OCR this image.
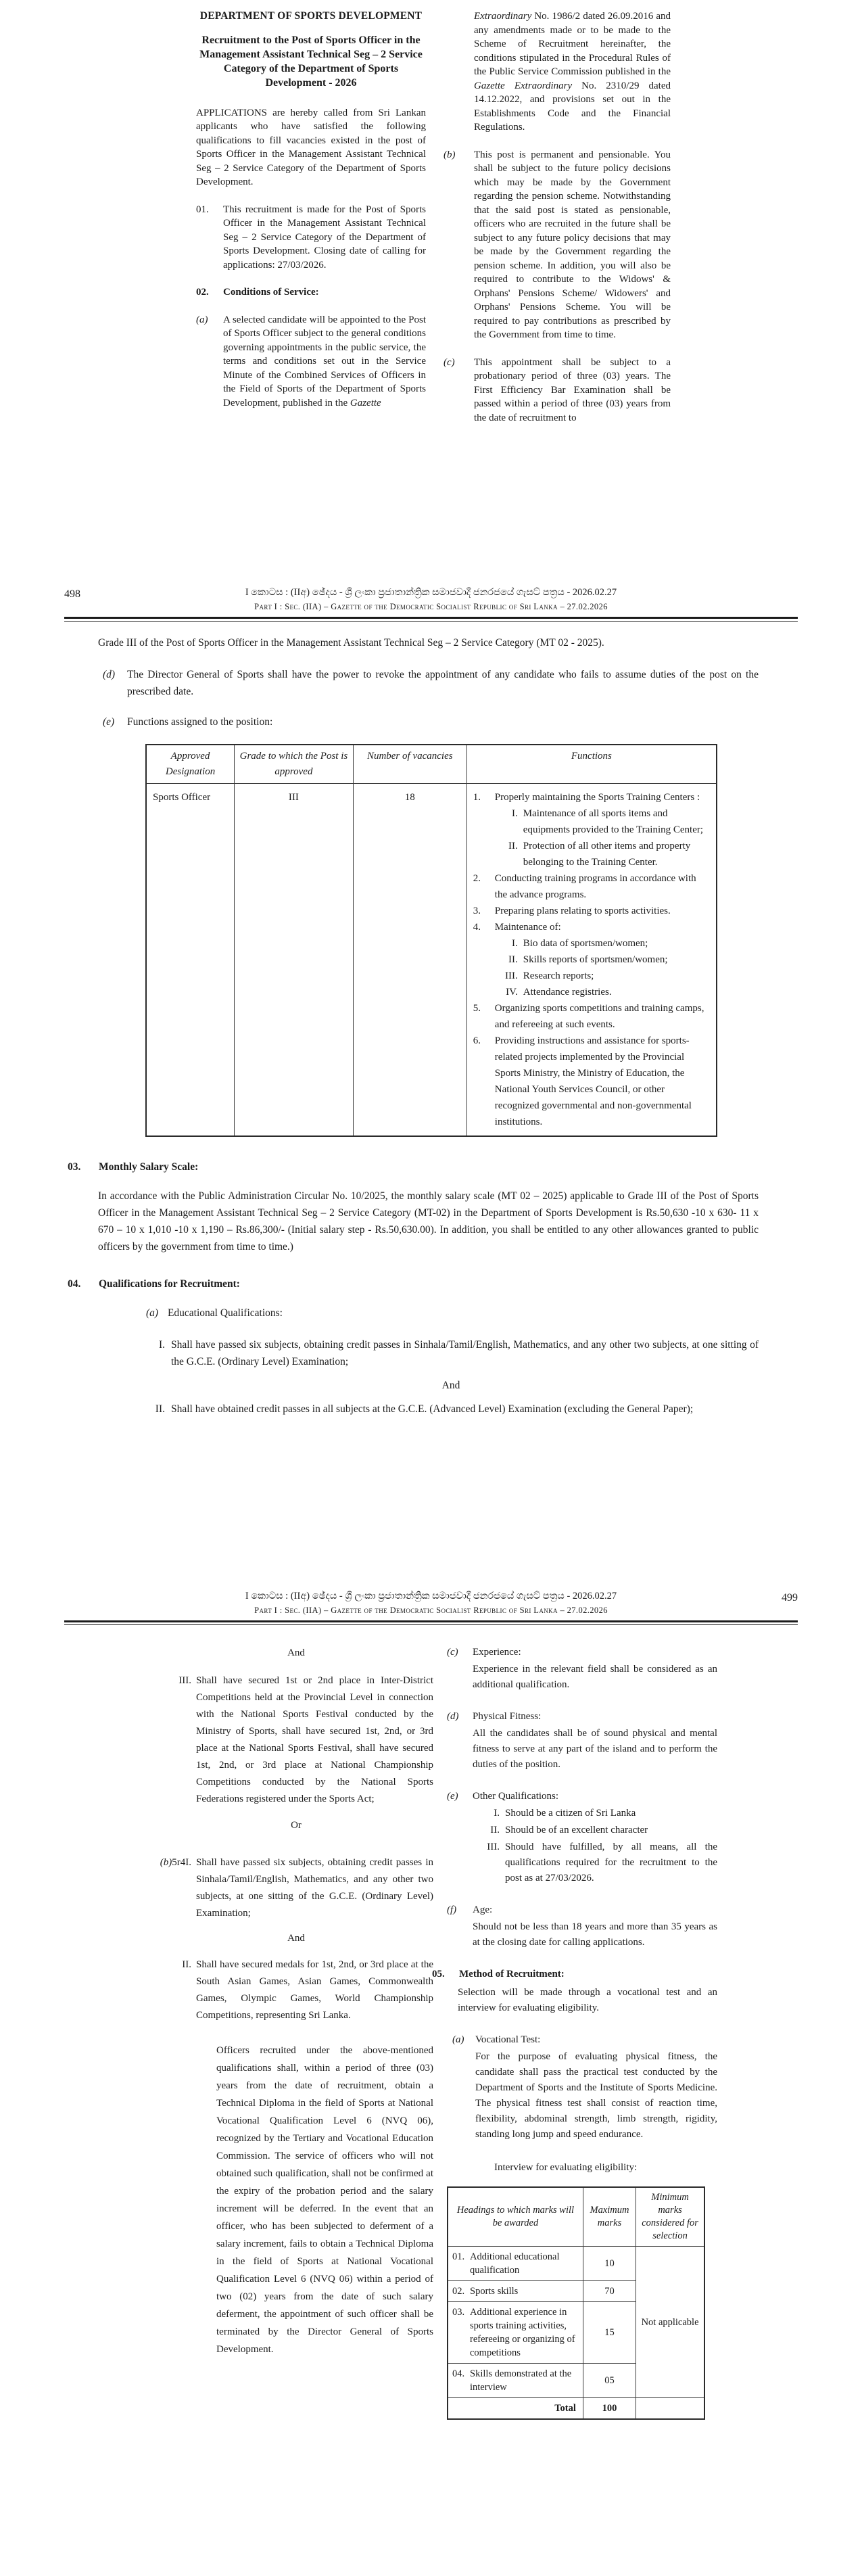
DEPARTMENT OF SPORTS DEVELOPMENT
Recruitment to the Post of Sports Officer in the Management Assistant Technical Seg – 2 Service Category of the Department of Sports Development - 2026

APPLICATIONS are hereby called from Sri Lankan applicants who have satisfied the following qualifications to fill vacancies existed in the post of Sports Officer in the Management Assistant Technical Seg – 2 Service Category of the Department of Sports Development.

01.	This recruitment is made for the Post of Sports Officer in the Management Assistant Technical Seg – 2 Service Category of the Department of Sports Development. Closing date of calling for applications: 27/03/2026.

02.	Conditions of Service:

(a)	A selected candidate will be appointed to the Post of Sports Officer subject to the general conditions governing appointments in the public service, the terms and conditions set out in the Service Minute of the Combined Services of Officers in the Field of Sports of the Department of Sports Development, published in the Gazette

Extraordinary No. 1986/2 dated 26.09.2016 and any amendments made or to be made to the Scheme of Recruitment hereinafter, the conditions stipulated in the Procedural Rules of the Public Service Commission published in the Gazette Extraordinary No. 2310/29 dated 14.12.2022, and provisions set out in the Establishments Code and the Financial Regulations.

(b)	This post is permanent and pensionable. You shall be subject to the future policy decisions which may be made by the Government regarding the pension scheme. Notwithstanding that the said post is stated as pensionable, officers who are recruited in the future shall be subject to any future policy decisions that may be made by the Government regarding the pension scheme. In addition, you will also be required to contribute to the Widows' & Orphans' Pensions Scheme/ Widowers' and Orphans' Pensions Scheme. You will be required to pay contributions as prescribed by the Government from time to time.

(c)	This appointment shall be subject to a probationary period of three (03) years. The First Efficiency Bar Examination shall be passed within a period of three (03) years from the date of recruitment to

498	I කොටස : (IIඅ) ඡේදය - ශ්‍රී ලංකා ප්‍රජාතාන්ත්‍රික සමාජවාදී ජනරජයේ ගැසට් පත්‍රය - 2026.02.27
Part I : Sec. (IIA) – Gazette of the Democratic Socialist Republic of Sri Lanka – 27.02.2026

Grade III of the Post of Sports Officer in the Management Assistant Technical Seg – 2 Service Category (MT 02 - 2025).

(d)	The Director General of Sports shall have the power to revoke the appointment of any candidate who fails to assume duties of the post on the prescribed date.

(e)	Functions assigned to the position:

Approved Designation	Grade to which the Post is approved	Number of vacancies	Functions
Sports Officer	III	18	1.	Properly maintaining the Sports Training Centers :
I. Maintenance of all sports items and equipments provided to the Training Center;
II. Protection of all other items and property belonging to the Training Center.
2.	Conducting training programs in accordance with the advance programs.
3.	Preparing plans relating to sports activities.
4.	Maintenance of:
I. Bio data of sportsmen/women;
II. Skills reports of sportsmen/women;
III. Research reports;
IV. Attendance registries.
5.	Organizing sports competitions and training camps, and refereeing at such events.
6.	Providing instructions and assistance for sports-related projects implemented by the Provincial Sports Ministry, the Ministry of Education, the National Youth Services Council, or other recognized governmental and non-governmental institutions.
03.	Monthly Salary Scale:

In accordance with the Public Administration Circular No. 10/2025, the monthly salary scale (MT 02 – 2025) applicable to Grade III of the Post of Sports Officer in the Management Assistant Technical Seg – 2 Service Category (MT-02) in the Department of Sports Development is Rs.50,630 -10 x 630- 11 x 670 – 10 x 1,010 -10 x 1,190 – Rs.86,300/- (Initial salary step - Rs.50,630.00). In addition, you shall be entitled to any other allowances granted to public officers by the government from time to time.)

04.	Qualifications for Recruitment:
(a) Educational Qualifications:
I. Shall have passed six subjects, obtaining credit passes in Sinhala/Tamil/English, Mathematics, and any other two subjects, at one sitting of the G.C.E. (Ordinary Level) Examination;

And
II. Shall have obtained credit passes in all subjects at the G.C.E. (Advanced Level) Examination (excluding the General Paper);

499
I කොටස : (IIඅ) ඡේදය - ශ්‍රී ලංකා ප්‍රජාතාන්ත්‍රික සමාජවාදී ජනරජයේ ගැසට් පත්‍රය - 2026.02.27
Part I : Sec. (IIA) – Gazette of the Democratic Socialist Republic of Sri Lanka – 27.02.2026
And
III. Shall have secured 1st or 2nd place in Inter-District Competitions held at the Provincial Level in connection with the National Sports Festival conducted by the Ministry of Sports, shall have secured 1st, 2nd, or 3rd place at the National Sports Festival, shall have secured 1st, 2nd, or 3rd place at National Championship Competitions conducted by the National Sports Federations registered under the Sports Act;

Or
(b)5r4I. Shall have passed six subjects, obtaining credit passes in Sinhala/Tamil/English, Mathematics, and any other two subjects, at one sitting of the G.C.E. (Ordinary Level) Examination;

And
II. Shall have secured medals for 1st, 2nd, or 3rd place at the South Asian Games, Asian Games, Commonwealth Games, Olympic Games, World Championship Competitions, representing Sri Lanka.

Officers recruited under the above-mentioned qualifications shall, within a period of three (03) years from the date of recruitment, obtain a Technical Diploma in the field of Sports at National Vocational Qualification Level 6 (NVQ 06), recognized by the Tertiary and Vocational Education Commission. The service of officers who will not obtained such qualification, shall not be confirmed at the expiry of the probation period and the salary increment will be deferred. In the event that an officer, who has been subjected to deferment of a salary increment, fails to obtain a Technical Diploma in the field of Sports at National Vocational Qualification Level 6 (NVQ 06) within a period of two (02) years from the date of such salary deferment, the appointment of such officer shall be terminated by the Director General of Sports Development.

(c)	Experience:
Experience in the relevant field shall be considered as an additional qualification.
(d)	Physical Fitness:
All the candidates shall be of sound physical and mental fitness to serve at any part of the island and to perform the duties of the position.
(e)	Other Qualifications:
I. Should be a citizen of Sri Lanka
II. Should be of an excellent character
III. Should have fulfilled, by all means, all the qualifications required for the recruitment to the post as at 27/03/2026.
(f)	Age:
Should not be less than 18 years and more than 35 years as at the closing date for calling applications.
05.	Method of Recruitment:
Selection will be made through a vocational test and an interview for evaluating eligibility.
(a)	Vocational Test:
For the purpose of evaluating physical fitness, the candidate shall pass the practical test conducted by the Department of Sports and the Institute of Sports Medicine. The physical fitness test shall consist of reaction time, flexibility, abdominal strength, limb strength, rigidity, standing long jump and speed endurance.
Interview for evaluating eligibility:
Headings to which marks will be awarded	Maximum marks	Minimum marks considered for selection

01. Additional educational qualification	10	Not applicable

02. Sports skills	70	

03. Additional experience in sports training activities, refereeing or organizing of competitions	15	

04. Skills demonstrated at the interview	05	
Total	100	
